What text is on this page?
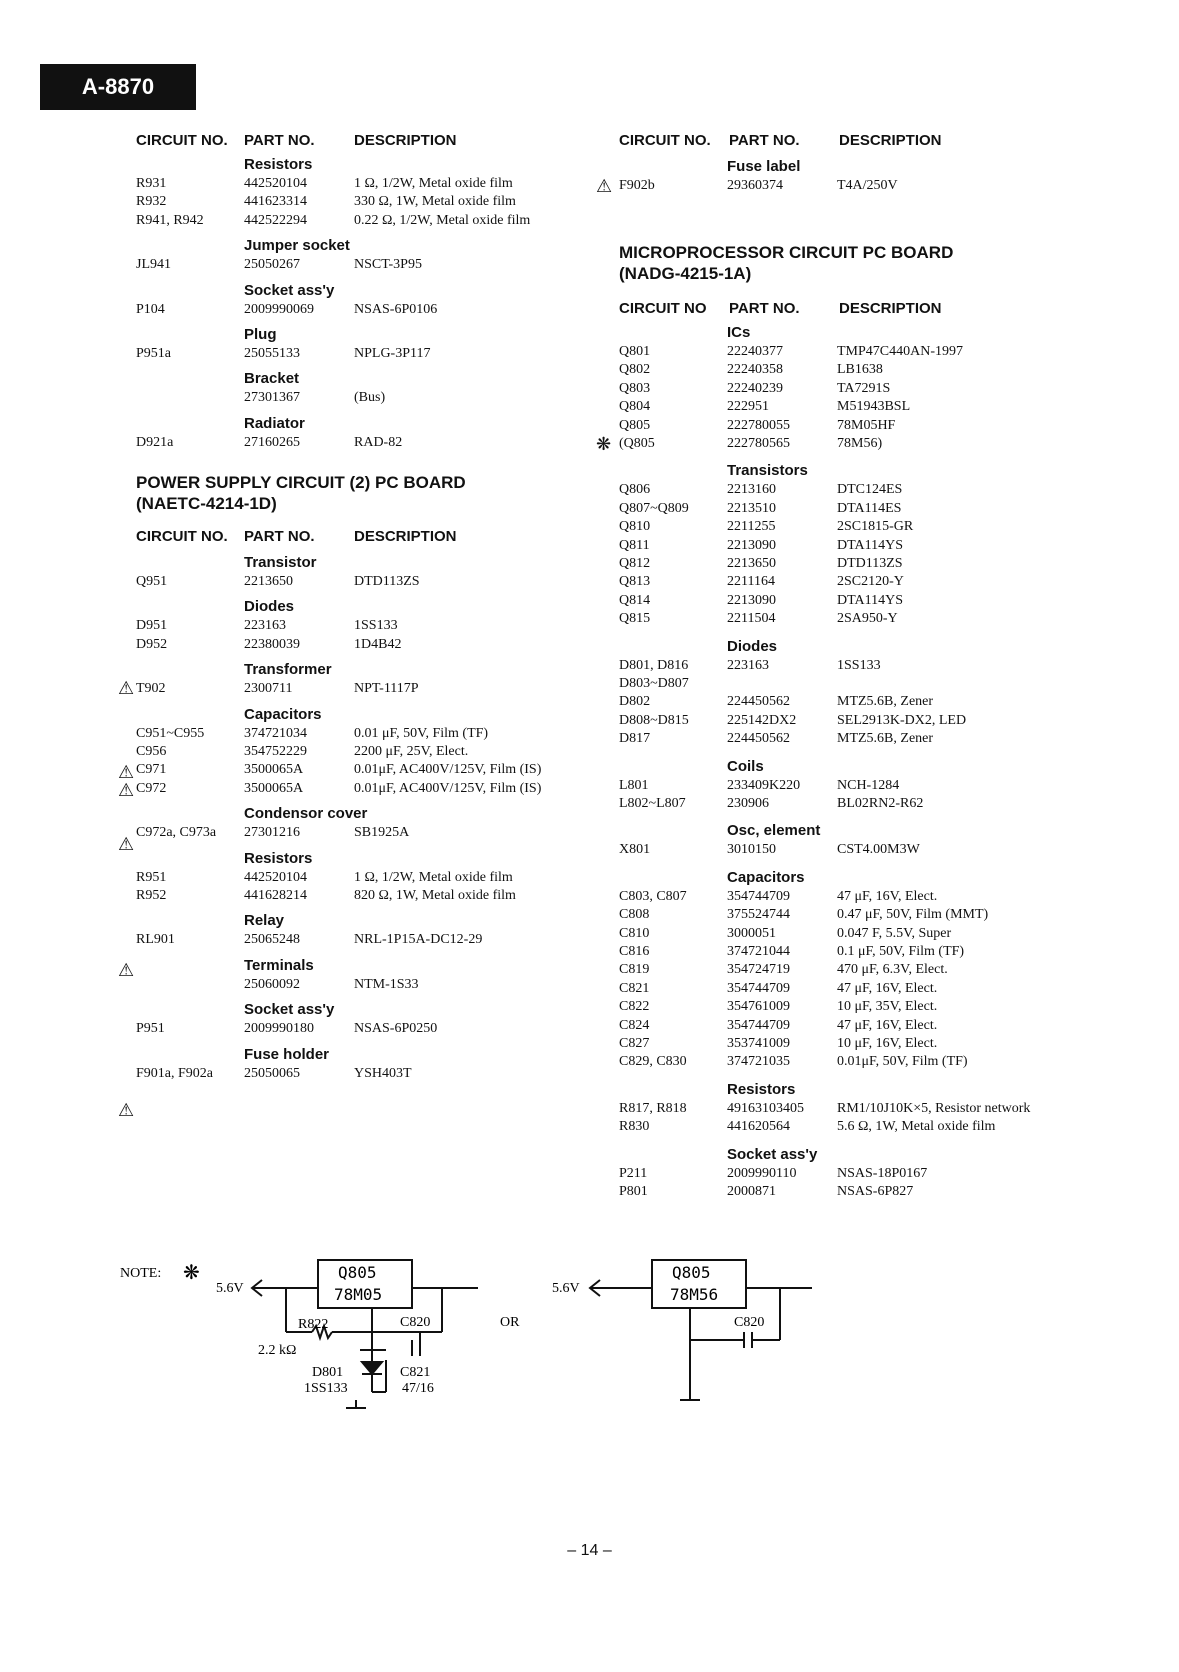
A-8870
CIRCUIT NO. PART NO.	DESCRIPTION
Resistors
R931	442520104	1 Ω, 1/2W, Metal oxide film
R932	441623314	330 Ω, 1W, Metal oxide film
R941, R942	442522294	0.22 Ω, 1/2W, Metal oxide film
Jumper socket
JL941	25050267	NSCT-3P95
Socket ass'y
P104	2009990069	NSAS-6P0106
Plug
P951a	25055133	NPLG-3P117
Bracket
27301367	(Bus)
Radiator
D921a	27160265	RAD-82
POWER SUPPLY CIRCUIT (2) PC BOARD
(NAETC-4214-1D)
CIRCUIT NO. PART NO.	DESCRIPTION
Transistor
Q951	2213650	DTD113ZS
Diodes
D951	223163	1SS133
D952	22380039	1D4B42
Transformer
T902	2300711	NPT-1117P
Capacitors
C951~C955	374721034	0.01 μF, 50V, Film (TF)
C956	354752229	2200 μF, 25V, Elect.
C971	3500065A	0.01μF, AC400V/125V, Film (IS)
C972	3500065A	0.01μF, AC400V/125V, Film (IS)
Condensor cover
C972a, C973a 27301216	SB1925A
Resistors
R951	442520104	1 Ω, 1/2W, Metal oxide film
R952	441628214	820 Ω, 1W, Metal oxide film
Relay
RL901	25065248	NRL-1P15A-DC12-29
Terminals
25060092	NTM-1S33
Socket ass'y
P951	2009990180	NSAS-6P0250
Fuse holder
F901a, F902a 25050065	YSH403T
CIRCUIT NO. PART NO.	DESCRIPTION
Fuse label
F902b	29360374	T4A/250V
MICROPROCESSOR CIRCUIT PC BOARD
(NADG-4215-1A)
CIRCUIT NO PART NO.	DESCRIPTION
ICs
Q801	22240377	TMP47C440AN-1997
Q802	22240358	LB1638
Q803	22240239	TA7291S
Q804	222951	M51943BSL
Q805	222780055	78M05HF
(Q805	222780565	78M56)
Transistors
Q806	2213160	DTC124ES
Q807~Q809	2213510	DTA114ES
Q810	2211255	2SC1815-GR
Q811	2213090	DTA114YS
Q812	2213650	DTD113ZS
Q813	2211164	2SC2120-Y
Q814	2213090	DTA114YS
Q815	2211504	2SA950-Y
Diodes
D801, D816	223163	1SS133
D803~D807
D802	224450562	MTZ5.6B, Zener
D808~D815	225142DX2	SEL2913K-DX2, LED
D817	224450562	MTZ5.6B, Zener
Coils
L801	233409K220	NCH-1284
L802~L807	230906	BL02RN2-R62
Osc, element
X801	3010150	CST4.00M3W
Capacitors
C803, C807	354744709	47 μF, 16V, Elect.
C808	375524744	0.47 μF, 50V, Film (MMT)
C810	3000051	0.047 F, 5.5V, Super
C816	374721044	0.1 μF, 50V, Film (TF)
C819	354724719	470 μF, 6.3V, Elect.
C821	354744709	47 μF, 16V, Elect.
C822	354761009	10 μF, 35V, Elect.
C824	354744709	47 μF, 16V, Elect.
C827	353741009	10 μF, 16V, Elect.
C829, C830	374721035	0.01μF, 50V, Film (TF)
Resistors
R817, R818	49163103405 RM1/10J10K×5, Resistor network
R830	441620564	5.6 Ω, 1W, Metal oxide film
Socket ass'y
P211	2009990110	NSAS-18P0167
P801	2000871	NSAS-6P827
NOTE: ❋
5.6V
R822
2.2 kΩ
C820
D801
1SS133
C821
47/16
Q805
78M05
OR
5.6V
Q805
78M56
C820
– 14 –
⚠
⚠
⚠
⚠
⚠
⚠
⚠
❋
